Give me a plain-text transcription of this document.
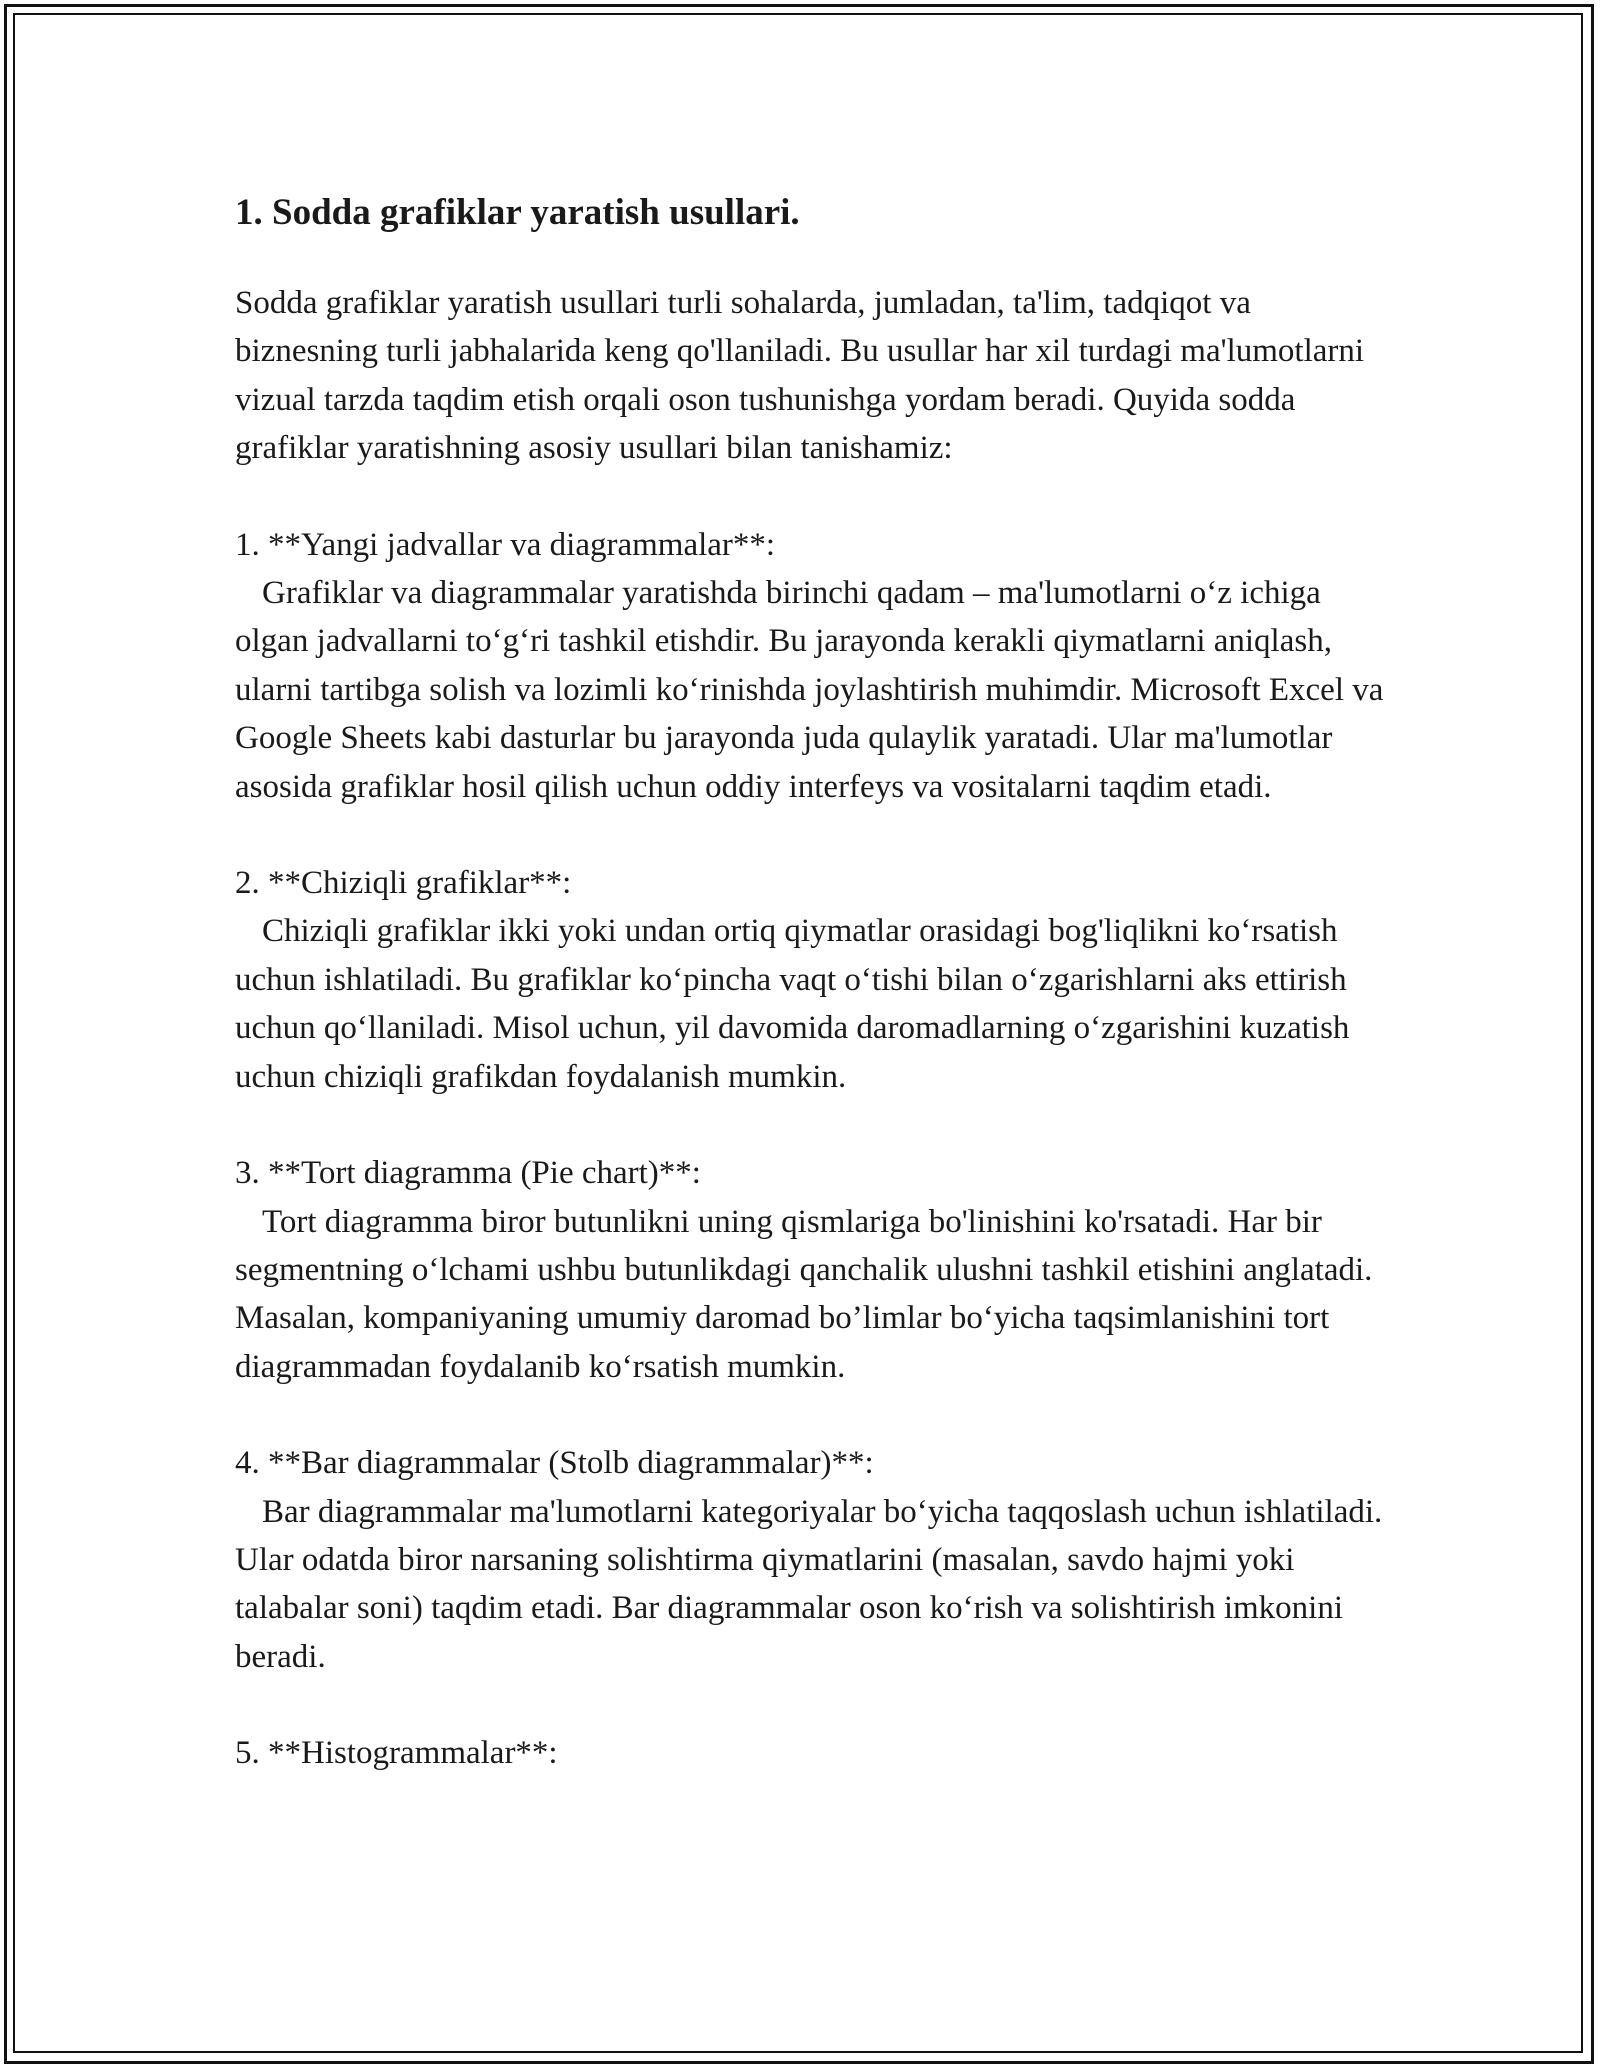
1. Sodda grafiklar yaratish usullari.

Sodda grafiklar yaratish usullari turli sohalarda, jumladan, ta'lim, tadqiqot va biznesning turli jabhalarida keng qo'llaniladi. Bu usullar har xil turdagi ma'lumotlarni vizual tarzda taqdim etish orqali oson tushunishga yordam beradi. Quyida sodda grafiklar yaratishning asosiy usullari bilan tanishamiz:

1. **Yangi jadvallar va diagrammalar**:

Grafiklar va diagrammalar yaratishda birinchi qadam – ma'lumotlarni oʻz ichiga olgan jadvallarni toʻgʻri tashkil etishdir. Bu jarayonda kerakli qiymatlarni aniqlash, ularni tartibga solish va lozimli koʻrinishda joylashtirish muhimdir. Microsoft Excel va Google Sheets kabi dasturlar bu jarayonda juda qulaylik yaratadi. Ular ma'lumotlar asosida grafiklar hosil qilish uchun oddiy interfeys va vositalarni taqdim etadi.

2. **Chiziqli grafiklar**:

Chiziqli grafiklar ikki yoki undan ortiq qiymatlar orasidagi bog'liqlikni koʻrsatish uchun ishlatiladi. Bu grafiklar koʻpincha vaqt oʻtishi bilan oʻzgarishlarni aks ettirish uchun qoʻllaniladi. Misol uchun, yil davomida daromadlarning oʻzgarishini kuzatish uchun chiziqli grafikdan foydalanish mumkin.

3. **Tort diagramma (Pie chart)**:

Tort diagramma biror butunlikni uning qismlariga bo'linishini ko'rsatadi. Har bir segmentning oʻlchami ushbu butunlikdagi qanchalik ulushni tashkil etishini anglatadi. Masalan, kompaniyaning umumiy daromad bo’limlar boʻyicha taqsimlanishini tort diagrammadan foydalanib koʻrsatish mumkin.

4. **Bar diagrammalar (Stolb diagrammalar)**:

Bar diagrammalar ma'lumotlarni kategoriyalar boʻyicha taqqoslash uchun ishlatiladi. Ular odatda biror narsaning solishtirma qiymatlarini (masalan, savdo hajmi yoki talabalar soni) taqdim etadi. Bar diagrammalar oson koʻrish va solishtirish imkonini beradi.

5. **Histogrammalar**:
